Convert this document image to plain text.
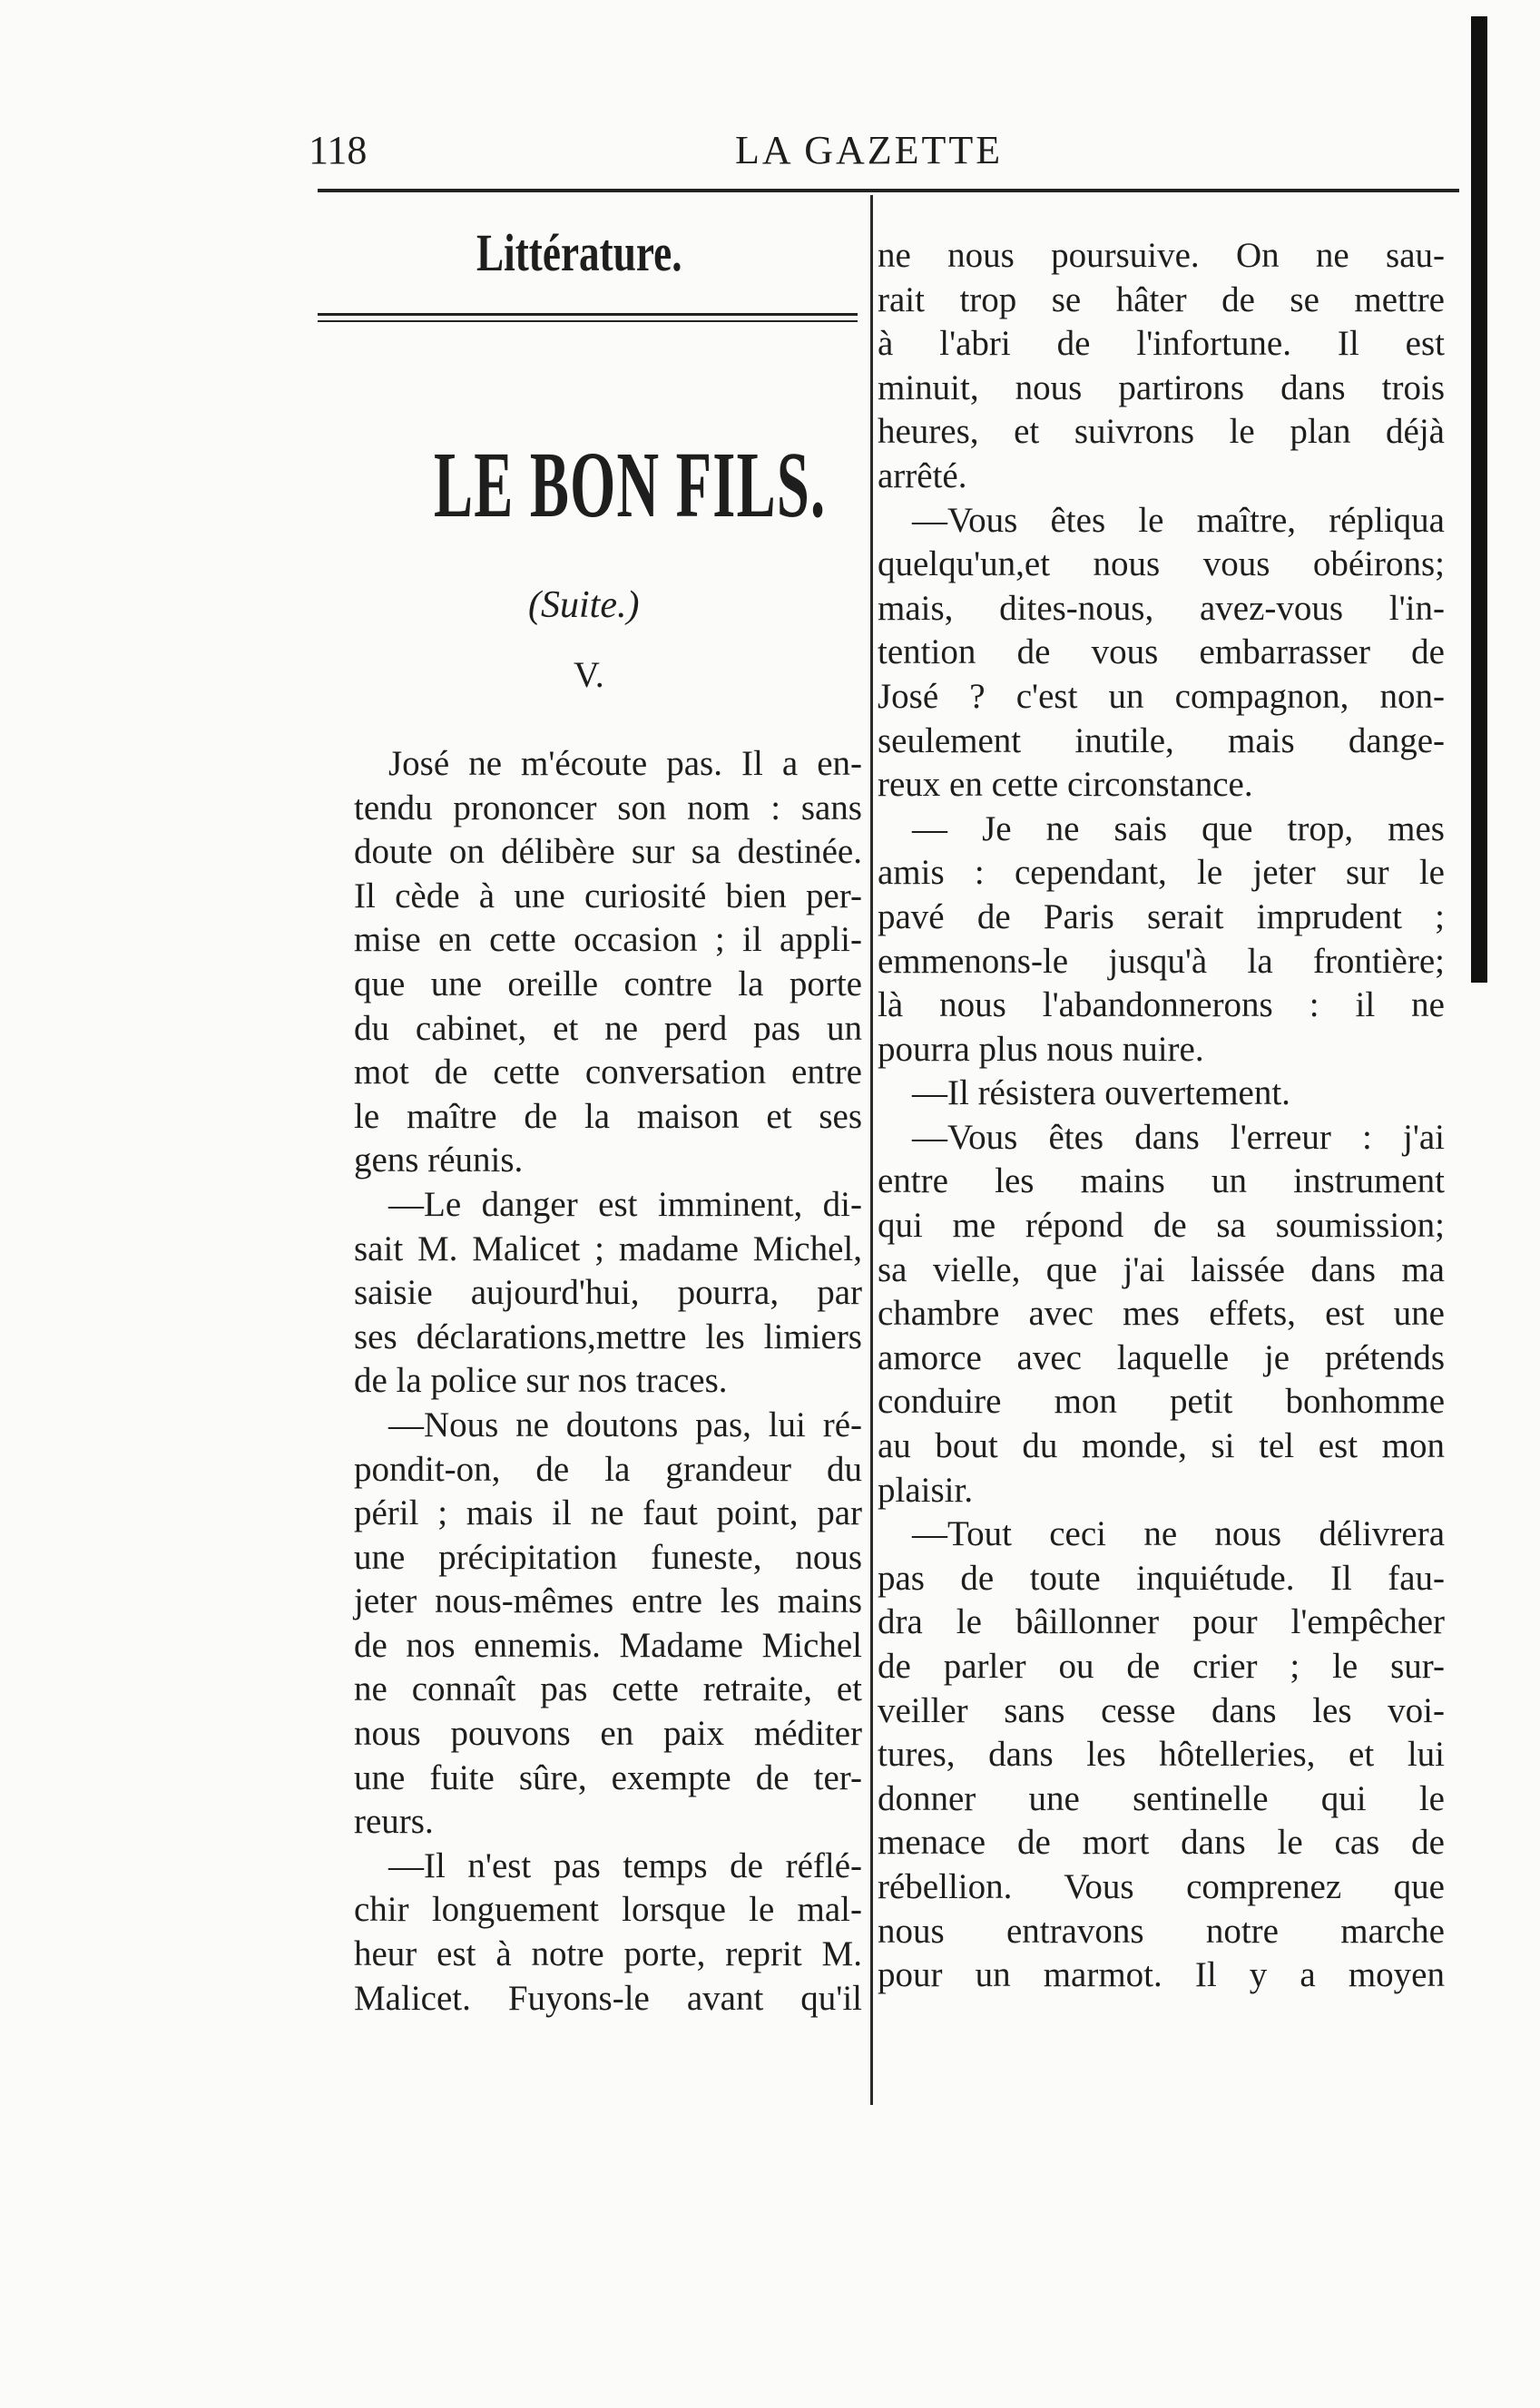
118	LA GAZETTE
Littérature.
LE BON FILS.
(Suite.)
V.
José ne m'écoute pas. Il a en-
tendu prononcer son nom : sans
doute on délibère sur sa destinée.
Il cède à une curiosité bien per-
mise en cette occasion ; il appli-
que une oreille contre la porte
du cabinet, et ne perd pas un
mot de cette conversation entre
le maître de la maison et ses
gens réunis.
—Le danger est imminent, di-
sait M. Malicet ; madame Michel,
saisie aujourd'hui, pourra, par
ses déclarations,mettre les limiers
de la police sur nos traces.
—Nous ne doutons pas, lui ré-
pondit-on, de la grandeur du
péril ; mais il ne faut point, par
une précipitation funeste, nous
jeter nous-mêmes entre les mains
de nos ennemis. Madame Michel
ne connaît pas cette retraite, et
nous pouvons en paix méditer
une fuite sûre, exempte de ter-
reurs.
—Il n'est pas temps de réflé-
chir longuement lorsque le mal-
heur est à notre porte, reprit M.
Malicet. Fuyons-le avant qu'il
ne nous poursuive. On ne sau-
rait trop se hâter de se mettre
à l'abri de l'infortune. Il est
minuit, nous partirons dans trois
heures, et suivrons le plan déjà
arrêté.
—Vous êtes le maître, répliqua
quelqu'un,et nous vous obéirons;
mais, dites-nous, avez-vous l'in-
tention de vous embarrasser de
José ? c'est un compagnon, non-
seulement inutile, mais dange-
reux en cette circonstance.
— Je ne sais que trop, mes
amis : cependant, le jeter sur le
pavé de Paris serait imprudent ;
emmenons-le jusqu'à la frontière;
là nous l'abandonnerons : il ne
pourra plus nous nuire.
—Il résistera ouvertement.
—Vous êtes dans l'erreur : j'ai
entre les mains un instrument
qui me répond de sa soumission;
sa vielle, que j'ai laissée dans ma
chambre avec mes effets, est une
amorce avec laquelle je prétends
conduire mon petit bonhomme
au bout du monde, si tel est mon
plaisir.
—Tout ceci ne nous délivrera
pas de toute inquiétude. Il fau-
dra le bâillonner pour l'empêcher
de parler ou de crier ; le sur-
veiller sans cesse dans les voi-
tures, dans les hôtelleries, et lui
donner une sentinelle qui le
menace de mort dans le cas de
rébellion. Vous comprenez que
nous entravons notre marche
pour un marmot. Il y a moyen
